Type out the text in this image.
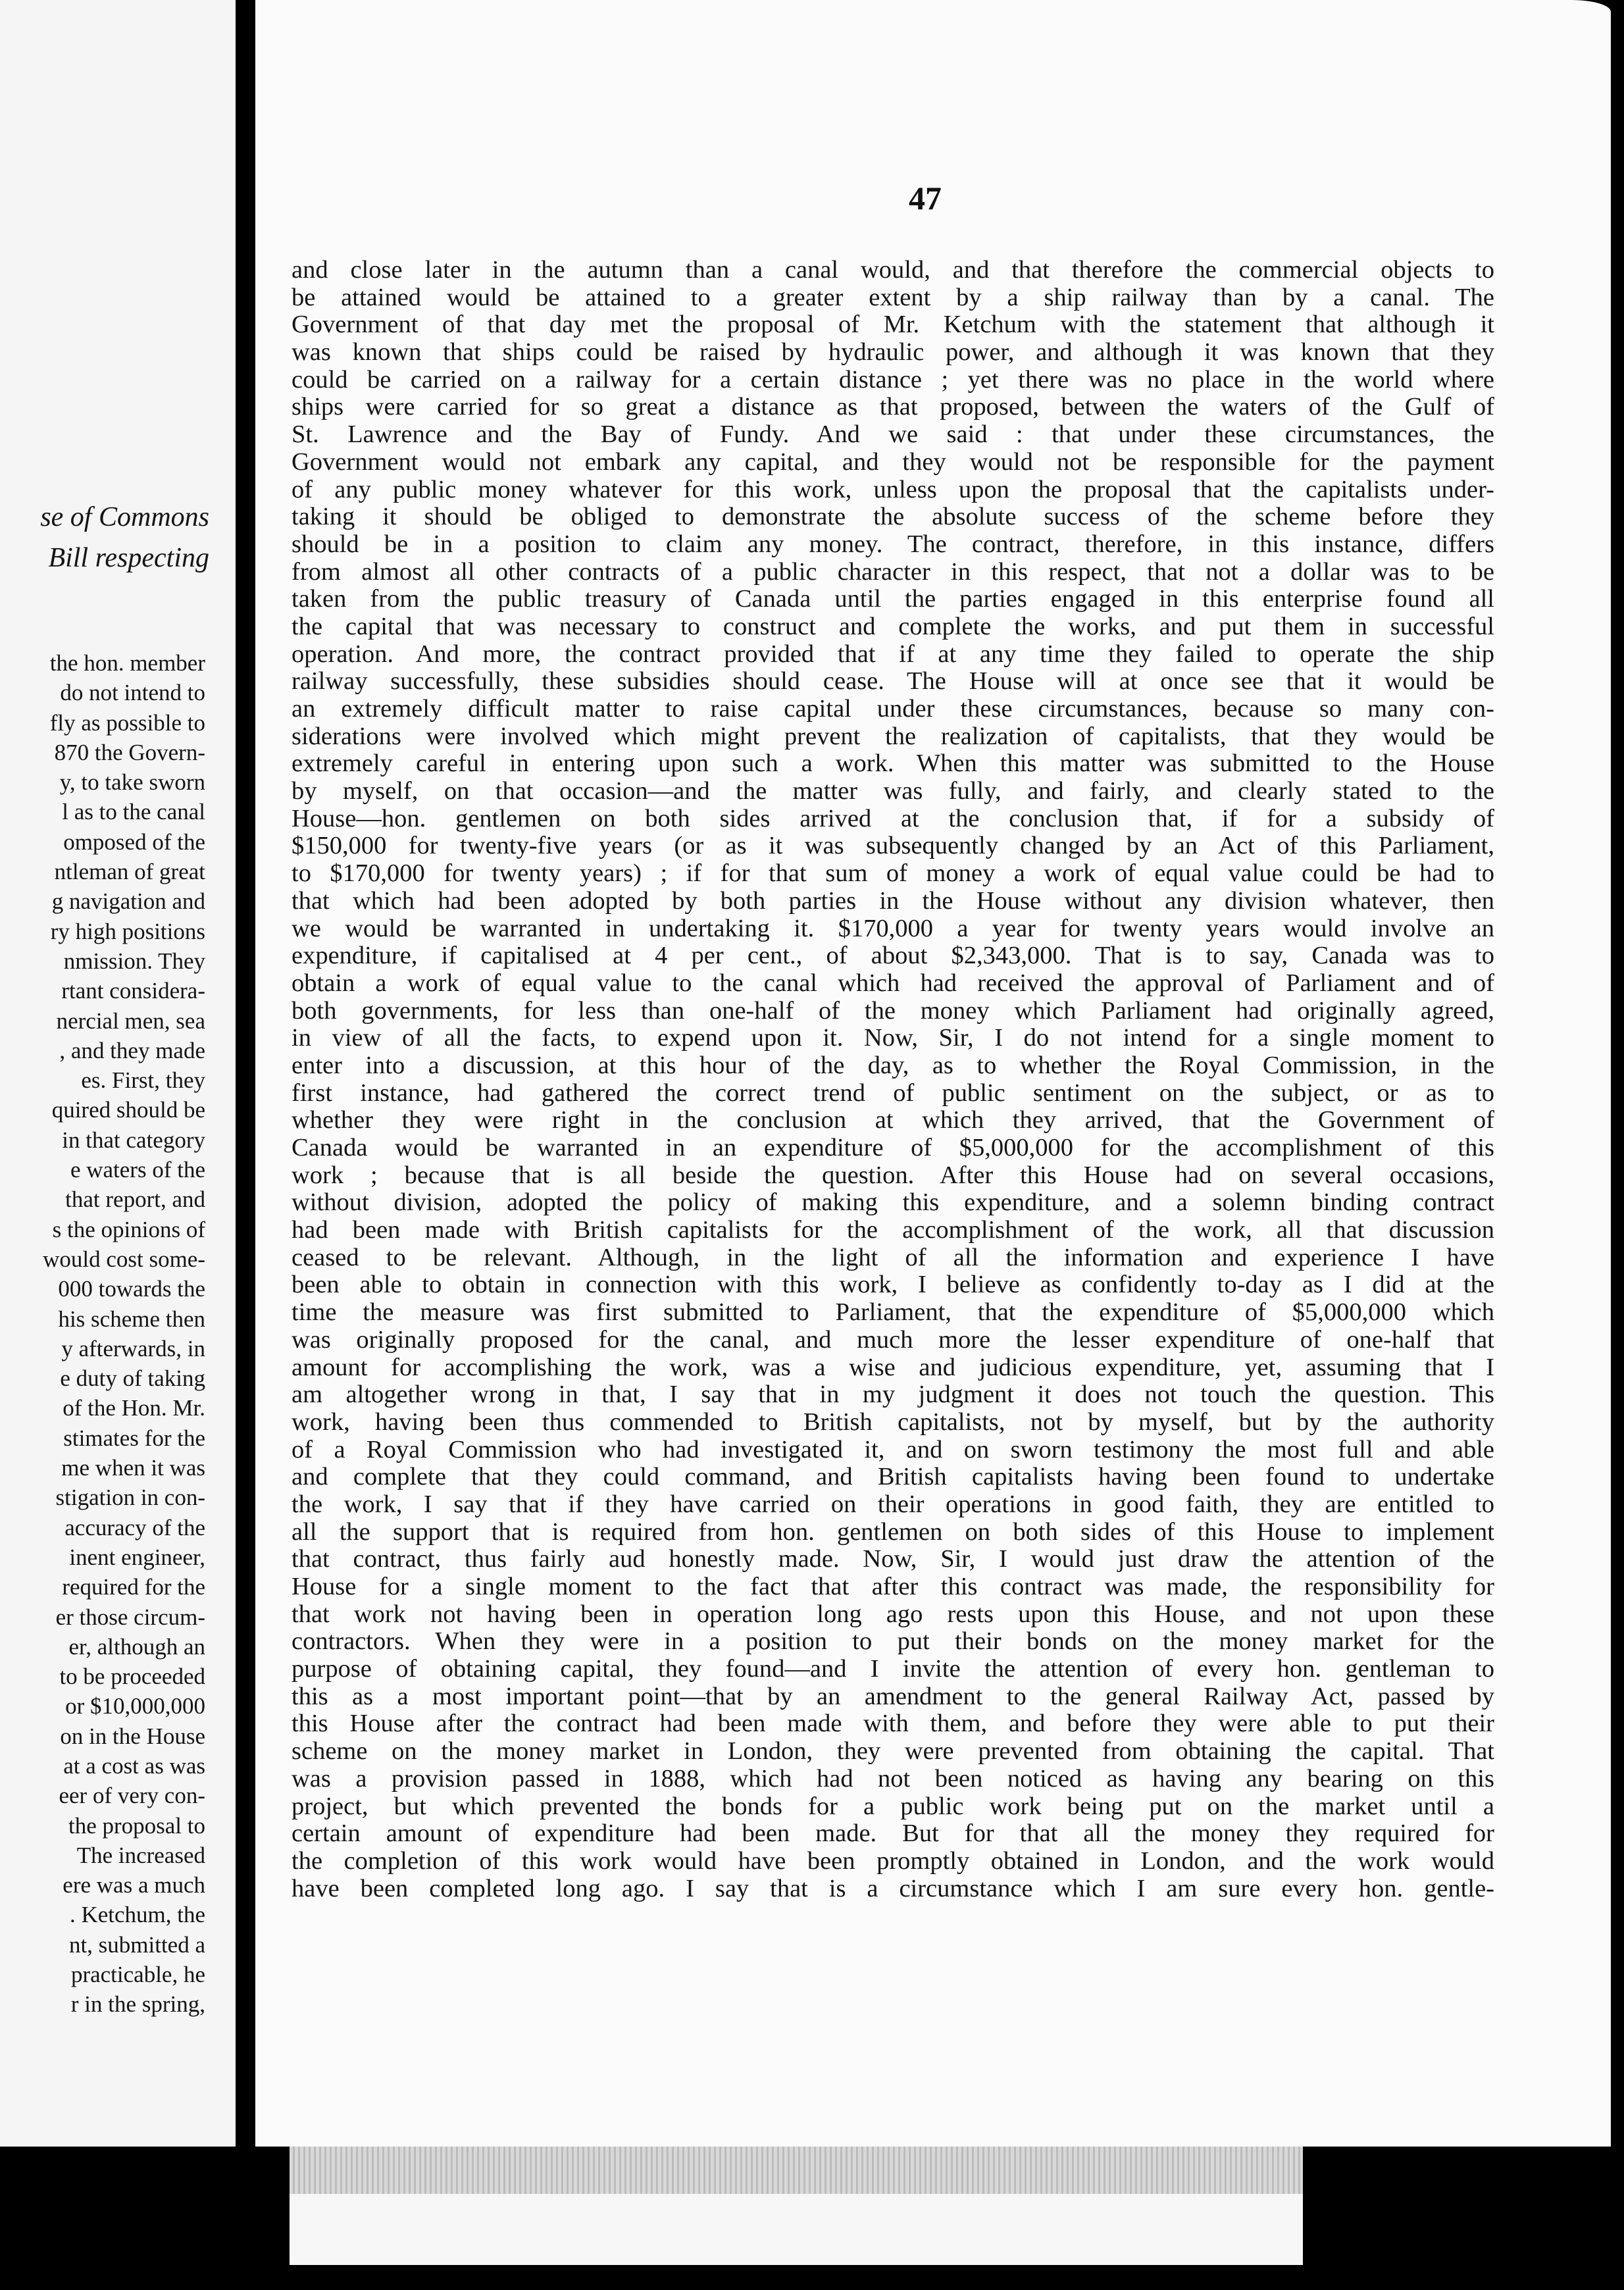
se of Commons
Bill respecting
the hon. member
do not intend to
fly as possible to
870 the Govern-
y, to take sworn
l as to the canal
omposed of the
ntleman of great
g navigation and
ry high positions
nmission. They
rtant considera-
nercial men, sea
, and they made
es. First, they
quired should be
in that category
e waters of the
that report, and
s the opinions of
would cost some-
000 towards the
his scheme then
y afterwards, in
e duty of taking
of the Hon. Mr.
stimates for the
me when it was
stigation in con-
accuracy of the
inent engineer,
required for the
er those circum-
er, although an
to be proceeded
or $10,000,000
on in the House
at a cost as was
eer of very con-
the proposal to
The increased
ere was a much
. Ketchum, the
nt, submitted a
practicable, he
r in the spring,
47
and close later in the autumn than a canal would, and that therefore the commercial objects to
be attained would be attained to a greater extent by a ship railway than by a canal. The
Government of that day met the proposal of Mr. Ketchum with the statement that although it
was known that ships could be raised by hydraulic power, and although it was known that they
could be carried on a railway for a certain distance ; yet there was no place in the world where
ships were carried for so great a distance as that proposed, between the waters of the Gulf of
St. Lawrence and the Bay of Fundy. And we said : that under these circumstances, the
Government would not embark any capital, and they would not be responsible for the payment
of any public money whatever for this work, unless upon the proposal that the capitalists under-
taking it should be obliged to demonstrate the absolute success of the scheme before they
should be in a position to claim any money. The contract, therefore, in this instance, differs
from almost all other contracts of a public character in this respect, that not a dollar was to be
taken from the public treasury of Canada until the parties engaged in this enterprise found all
the capital that was necessary to construct and complete the works, and put them in successful
operation. And more, the contract provided that if at any time they failed to operate the ship
railway successfully, these subsidies should cease. The House will at once see that it would be
an extremely difficult matter to raise capital under these circumstances, because so many con-
siderations were involved which might prevent the realization of capitalists, that they would be
extremely careful in entering upon such a work. When this matter was submitted to the House
by myself, on that occasion—and the matter was fully, and fairly, and clearly stated to the
House—hon. gentlemen on both sides arrived at the conclusion that, if for a subsidy of
$150,000 for twenty-five years (or as it was subsequently changed by an Act of this Parliament,
to $170,000 for twenty years) ; if for that sum of money a work of equal value could be had to
that which had been adopted by both parties in the House without any division whatever, then
we would be warranted in undertaking it. $170,000 a year for twenty years would involve an
expenditure, if capitalised at 4 per cent., of about $2,343,000. That is to say, Canada was to
obtain a work of equal value to the canal which had received the approval of Parliament and of
both governments, for less than one-half of the money which Parliament had originally agreed,
in view of all the facts, to expend upon it. Now, Sir, I do not intend for a single moment to
enter into a discussion, at this hour of the day, as to whether the Royal Commission, in the
first instance, had gathered the correct trend of public sentiment on the subject, or as to
whether they were right in the conclusion at which they arrived, that the Government of
Canada would be warranted in an expenditure of $5,000,000 for the accomplishment of this
work ; because that is all beside the question. After this House had on several occasions,
without division, adopted the policy of making this expenditure, and a solemn binding contract
had been made with British capitalists for the accomplishment of the work, all that discussion
ceased to be relevant. Although, in the light of all the information and experience I have
been able to obtain in connection with this work, I believe as confidently to-day as I did at the
time the measure was first submitted to Parliament, that the expenditure of $5,000,000 which
was originally proposed for the canal, and much more the lesser expenditure of one-half that
amount for accomplishing the work, was a wise and judicious expenditure, yet, assuming that I
am altogether wrong in that, I say that in my judgment it does not touch the question. This
work, having been thus commended to British capitalists, not by myself, but by the authority
of a Royal Commission who had investigated it, and on sworn testimony the most full and able
and complete that they could command, and British capitalists having been found to undertake
the work, I say that if they have carried on their operations in good faith, they are entitled to
all the support that is required from hon. gentlemen on both sides of this House to implement
that contract, thus fairly aud honestly made. Now, Sir, I would just draw the attention of the
House for a single moment to the fact that after this contract was made, the responsibility for
that work not having been in operation long ago rests upon this House, and not upon these
contractors. When they were in a position to put their bonds on the money market for the
purpose of obtaining capital, they found—and I invite the attention of every hon. gentleman to
this as a most important point—that by an amendment to the general Railway Act, passed by
this House after the contract had been made with them, and before they were able to put their
scheme on the money market in London, they were prevented from obtaining the capital. That
was a provision passed in 1888, which had not been noticed as having any bearing on this
project, but which prevented the bonds for a public work being put on the market until a
certain amount of expenditure had been made. But for that all the money they required for
the completion of this work would have been promptly obtained in London, and the work would
have been completed long ago. I say that is a circumstance which I am sure every hon. gentle-
